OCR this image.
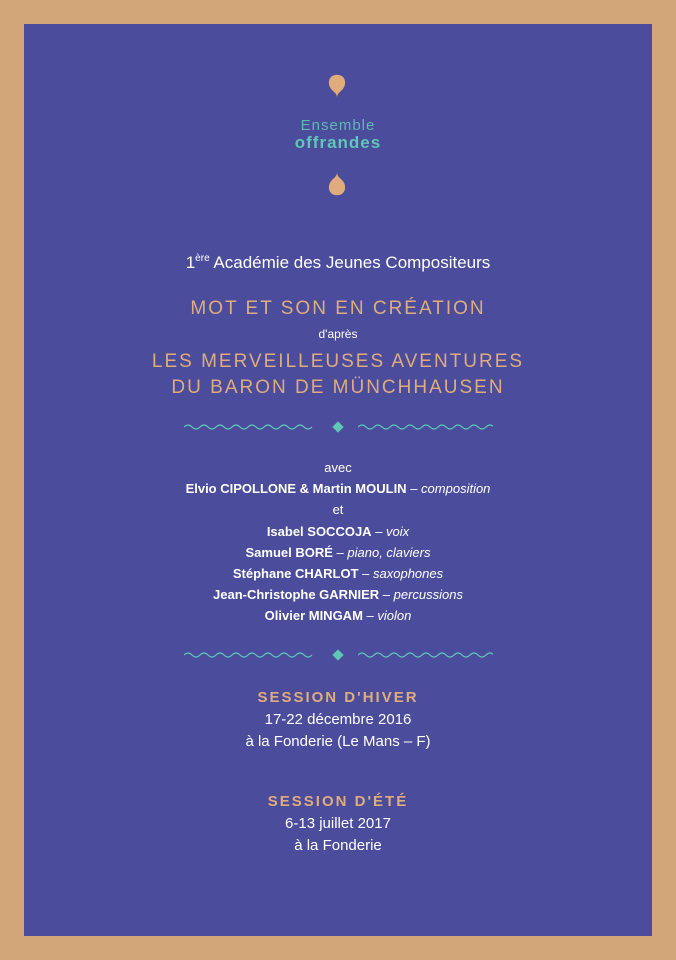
Ensemble
offrandes
1ère Académie des Jeunes Compositeurs
MOT ET SON EN CRÉATION
d'après
LES MERVEILLEUSES AVENTURES
DU BARON DE MÜNCHHAUSEN
avec
Elvio CIPOLLONE & Martin MOULIN – composition
et
Isabel SOCCOJA – voix
Samuel BORÉ – piano, claviers
Stéphane CHARLOT – saxophones
Jean-Christophe GARNIER – percussions
Olivier MINGAM – violon
SESSION D'HIVER
17-22 décembre 2016
à la Fonderie (Le Mans – F)
SESSION D'ÉTÉ
6-13 juillet 2017
à la Fonderie
